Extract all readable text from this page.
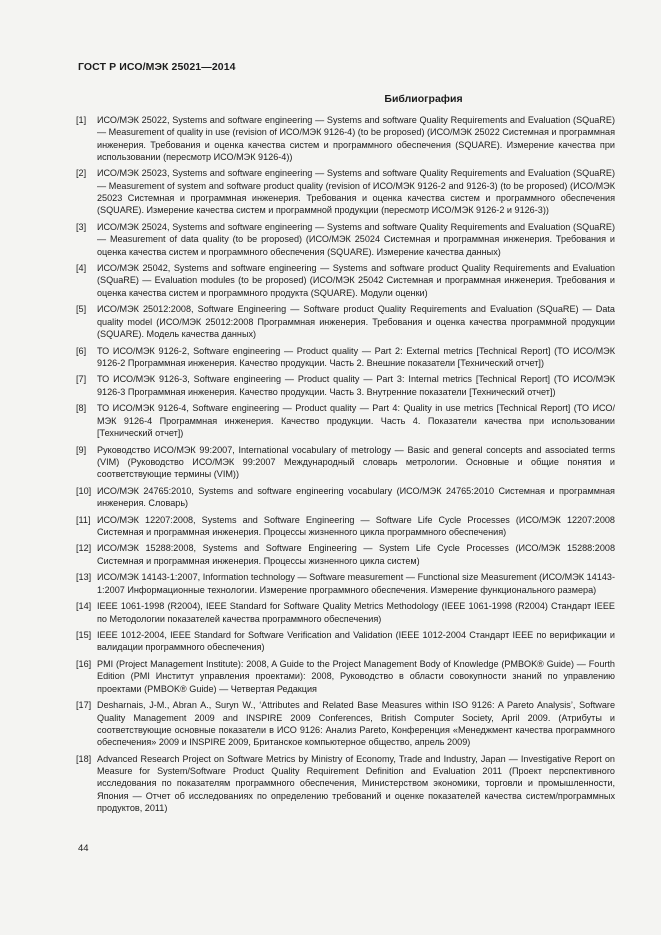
ГОСТ Р ИСО/МЭК 25021—2014
Библиография
[1]	ИСО/МЭК 25022, Systems and software engineering — Systems and software Quality Requirements and Evaluation (SQuaRE) — Measurement of quality in use (revision of ИСО/МЭК 9126-4) (to be proposed) (ИСО/МЭК 25022 Системная и программная инженерия. Требования и оценка качества систем и программного обеспечения (SQUARE). Измерение качества при использовании (пересмотр ИСО/МЭК 9126-4))
[2]	ИСО/МЭК 25023, Systems and software engineering — Systems and software Quality Requirements and Evaluation (SQuaRE) — Measurement of system and software product quality (revision of ИСО/МЭК 9126-2 and 9126-3) (to be proposed) (ИСО/МЭК 25023 Системная и программная инженерия. Требования и оценка качества систем и программного обеспечения (SQUARE). Измерение качества систем и программной продукции (пересмотр ИСО/МЭК 9126-2 и 9126-3))
[3]	ИСО/МЭК 25024, Systems and software engineering — Systems and software Quality Requirements and Evaluation (SQuaRE) — Measurement of data quality (to be proposed) (ИСО/МЭК 25024 Системная и программная инженерия. Требования и оценка качества систем и программного обеспечения (SQUARE). Измерение качества данных)
[4]	ИСО/МЭК 25042, Systems and software engineering — Systems and software product Quality Requirements and Evaluation (SQuaRE) — Evaluation modules (to be proposed) (ИСО/МЭК 25042 Системная и программная инженерия. Требования и оценка качества систем и программного продукта (SQUARE). Модули оценки)
[5]	ИСО/МЭК 25012:2008, Software Engineering — Software product Quality Requirements and Evaluation (SQuaRE) — Data quality model (ИСО/МЭК 25012:2008 Программная инженерия. Требования и оценка качества программной продукции (SQUARE). Модель качества данных)
[6]	ТО ИСО/МЭК 9126-2, Software engineering — Product quality — Part 2: External metrics [Technical Report] (ТО ИСО/МЭК 9126-2 Программная инженерия. Качество продукции. Часть 2. Внешние показатели [Технический отчет])
[7]	ТО ИСО/МЭК 9126-3, Software engineering — Product quality — Part 3: Internal metrics [Technical Report] (ТО ИСО/МЭК 9126-3 Программная инженерия. Качество продукции. Часть 3. Внутренние показатели [Технический отчет])
[8]	ТО ИСО/МЭК 9126-4, Software engineering — Product quality — Part 4: Quality in use metrics [Technical Report] (ТО ИСО/МЭК 9126-4 Программная инженерия. Качество продукции. Часть 4. Показатели качества при использовании [Технический отчет])
[9]	Руководство ИСО/МЭК 99:2007, International vocabulary of metrology — Basic and general concepts and associated terms (VIM) (Руководство ИСО/МЭК 99:2007 Международный словарь метрологии. Основные и общие понятия и соответствующие термины (VIM))
[10] ИСО/МЭК 24765:2010, Systems and software engineering vocabulary (ИСО/МЭК 24765:2010 Системная и программная инженерия. Словарь)
[11] ИСО/МЭК 12207:2008, Systems and Software Engineering — Software Life Cycle Processes (ИСО/МЭК 12207:2008 Системная и программная инженерия. Процессы жизненного цикла программного обеспечения)
[12] ИСО/МЭК 15288:2008, Systems and Software Engineering — System Life Cycle Processes (ИСО/МЭК 15288:2008 Системная и программная инженерия. Процессы жизненного цикла систем)
[13] ИСО/МЭК 14143-1:2007, Information technology — Software measurement — Functional size Measurement (ИСО/МЭК 14143-1:2007 Информационные технологии. Измерение программного обеспечения. Измерение функционального размера)
[14] IEEE 1061-1998 (R2004), IEEE Standard for Software Quality Metrics Methodology (IEEE 1061-1998 (R2004) Стандарт IEEE по Методологии показателей качества программного обеспечения)
[15] IEEE 1012-2004, IEEE Standard for Software Verification and Validation (IEEE 1012-2004 Стандарт IEEE по верификации и валидации программного обеспечения)
[16] PMI (Project Management Institute): 2008, A Guide to the Project Management Body of Knowledge (PMBOK® Guide) — Fourth Edition (PMI Институт управления проектами): 2008, Руководство в области совокупности знаний по управлению проектами (PMBOK® Guide) — Четвертая Редакция
[17] Desharnais, J-M., Abran A., Suryn W., ‘Attributes and Related Base Measures within ISO 9126: A Pareto Analysis’, Software Quality Management 2009 and INSPIRE 2009 Conferences, British Computer Society, April 2009. (Атрибуты и соответствующие основные показатели в ИСО 9126: Анализ Pareto, Конференция «Менеджмент качества программного обеспечения» 2009 и INSPIRE 2009, Британское компьютерное общество, апрель 2009)
[18] Advanced Research Project on Software Metrics by Ministry of Economy, Trade and Industry, Japan — Investigative Report on Measure for System/Software Product Quality Requirement Definition and Evaluation 2011 (Проект перспективного исследования по показателям программного обеспечения, Министерством экономики, торговли и промышленности, Япония — Отчет об исследованиях по определению требований и оценке показателей качества систем/программных продуктов, 2011)
44
